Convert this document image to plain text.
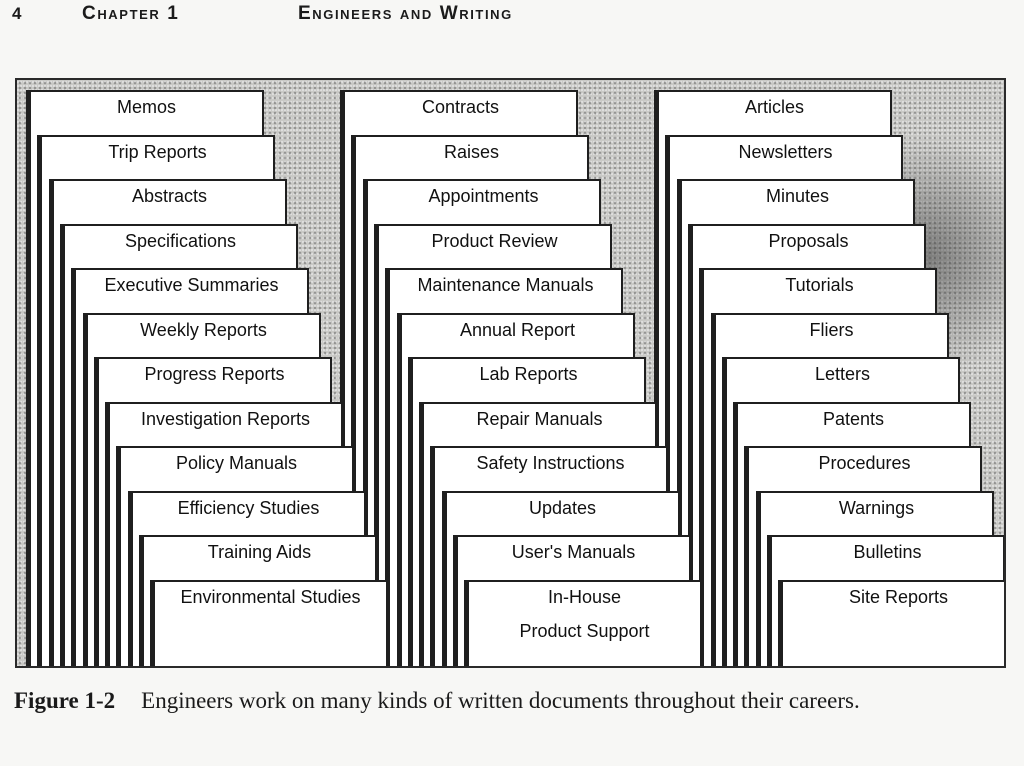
4	Chapter 1	Engineers and Writing
Memos
Trip Reports
Abstracts
Specifications
Executive Summaries
Weekly Reports
Progress Reports
Investigation Reports
Policy Manuals
Efficiency Studies
Training Aids
Environmental Studies
Contracts
Raises
Appointments
Product Review
Maintenance Manuals
Annual Report
Lab Reports
Repair Manuals
Safety Instructions
Updates
User's Manuals
In-House
Product Support
Articles
Newsletters
Minutes
Proposals
Tutorials
Fliers
Letters
Patents
Procedures
Warnings
Bulletins
Site Reports
Figure 1-2 Engineers work on many kinds of written documents throughout their careers.
